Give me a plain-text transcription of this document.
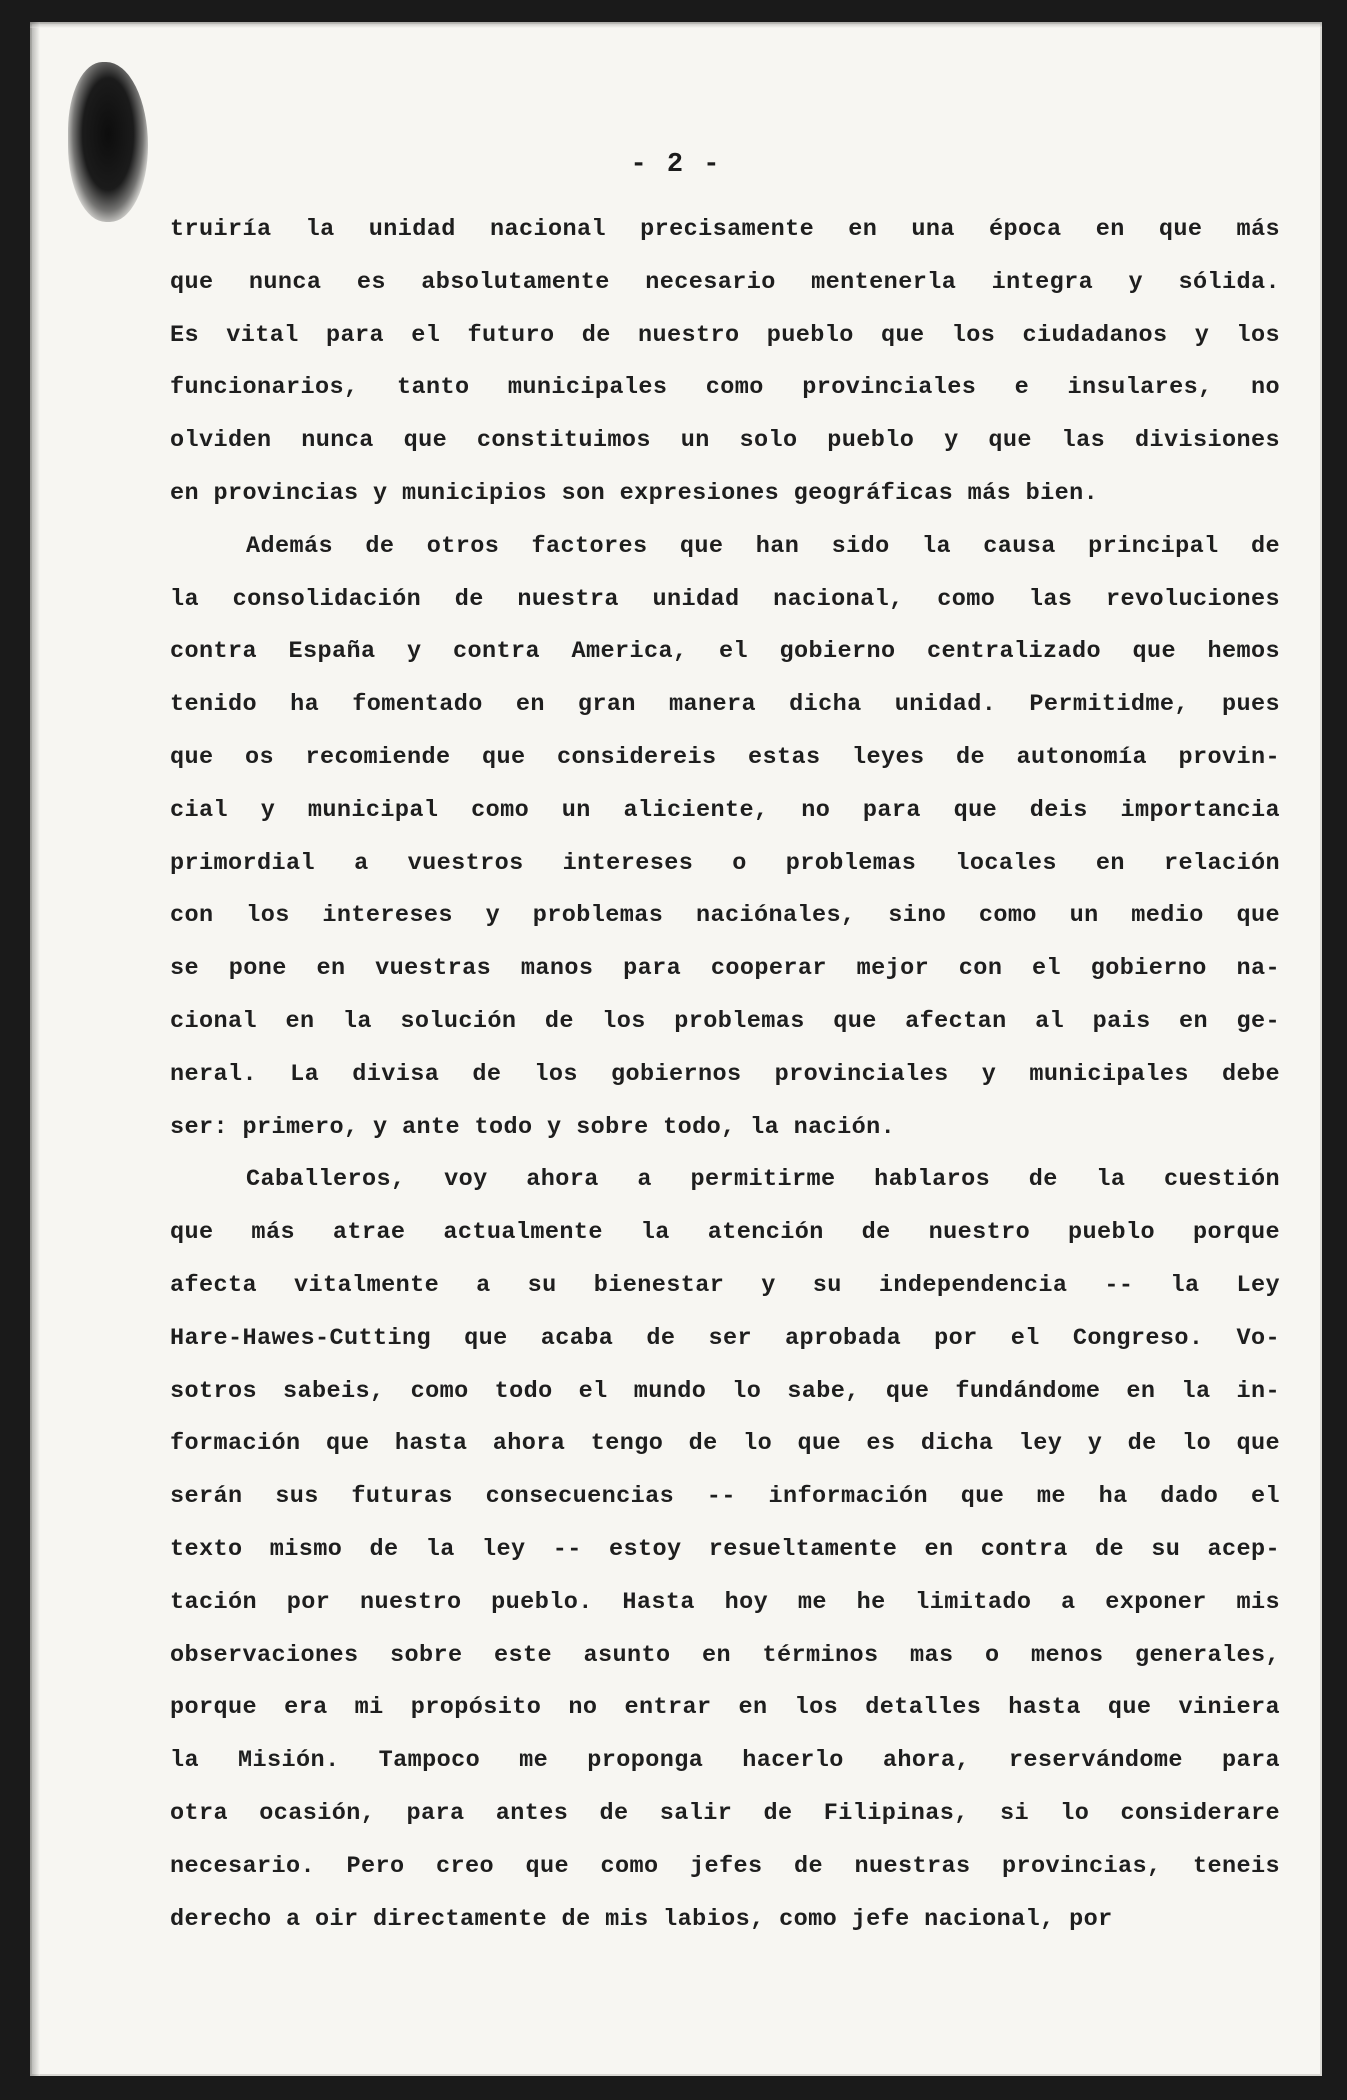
- 2 -
truiría la unidad nacional precisamente en una época en que más
que nunca es absolutamente necesario mentenerla integra y sólida.
Es vital para el futuro de nuestro pueblo que los ciudadanos y los
funcionarios, tanto municipales como provinciales e insulares, no
olviden nunca que constituimos un solo pueblo y que las divisiones
en provincias y municipios son expresiones geográficas más bien.
Además de otros factores que han sido la causa principal de
la consolidación de nuestra unidad nacional, como las revoluciones
contra España y contra America, el gobierno centralizado que hemos
tenido ha fomentado en gran manera dicha unidad. Permitidme, pues
que os recomiende que considereis estas leyes de autonomía provin-
cial y municipal como un aliciente, no para que deis importancia
primordial a vuestros intereses o problemas locales en relación
con los intereses y problemas naciónales, sino como un medio que
se pone en vuestras manos para cooperar mejor con el gobierno na-
cional en la solución de los problemas que afectan al pais en ge-
neral. La divisa de los gobiernos provinciales y municipales debe
ser: primero, y ante todo y sobre todo, la nación.
Caballeros, voy ahora a permitirme hablaros de la cuestión
que más atrae actualmente la atención de nuestro pueblo porque
afecta vitalmente a su bienestar y su independencia -- la Ley
Hare-Hawes-Cutting que acaba de ser aprobada por el Congreso. Vo-
sotros sabeis, como todo el mundo lo sabe, que fundándome en la in-
formación que hasta ahora tengo de lo que es dicha ley y de lo que
serán sus futuras consecuencias -- información que me ha dado el
texto mismo de la ley -- estoy resueltamente en contra de su acep-
tación por nuestro pueblo. Hasta hoy me he limitado a exponer mis
observaciones sobre este asunto en términos mas o menos generales,
porque era mi propósito no entrar en los detalles hasta que viniera
la Misión. Tampoco me proponga hacerlo ahora, reservándome para
otra ocasión, para antes de salir de Filipinas, si lo considerare
necesario. Pero creo que como jefes de nuestras provincias, teneis
derecho a oir directamente de mis labios, como jefe nacional, por
